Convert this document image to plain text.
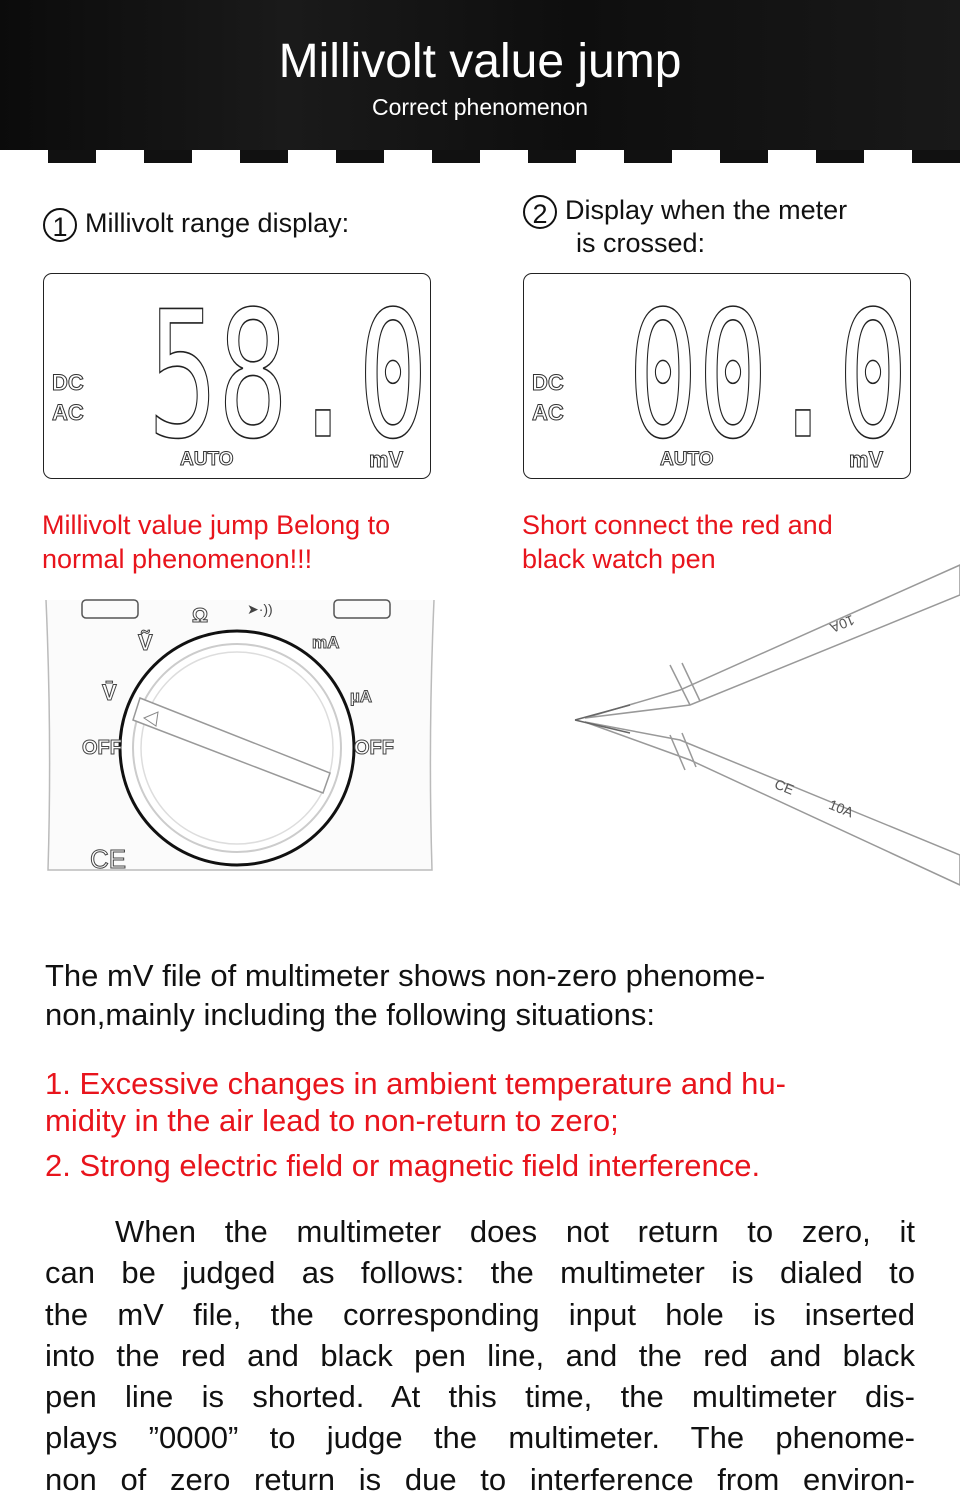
Millivolt value jump
Correct phenomenon
1 Millivolt range display:
58.0
DC
AC
AUTO	mV
Millivolt value jump Belong to
normal phenomenon!!!
2 Display when the meter
is crossed:
00.0
DC
AC
AUTO	mV
Short connect the red and
black watch pen
Ω
Ṽ
V̄
mA
µA
OFF	OFF
CE
➤·))
10A
10A
CE
The mV file of multimeter shows non-zero phenome-
non,mainly including the following situations:
1. Excessive changes in ambient temperature and hu-
midity in the air lead to non-return to zero;
2. Strong electric field or magnetic field interference.
When the multimeter does not return to zero, it
can be judged as follows: the multimeter is dialed to
the mV file, the corresponding input hole is inserted
into the red and black pen line, and the red and black
pen line is shorted. At this time, the multimeter dis-
plays ”0000” to judge the multimeter. The phenome-
non of zero return is due to interference from environ-
